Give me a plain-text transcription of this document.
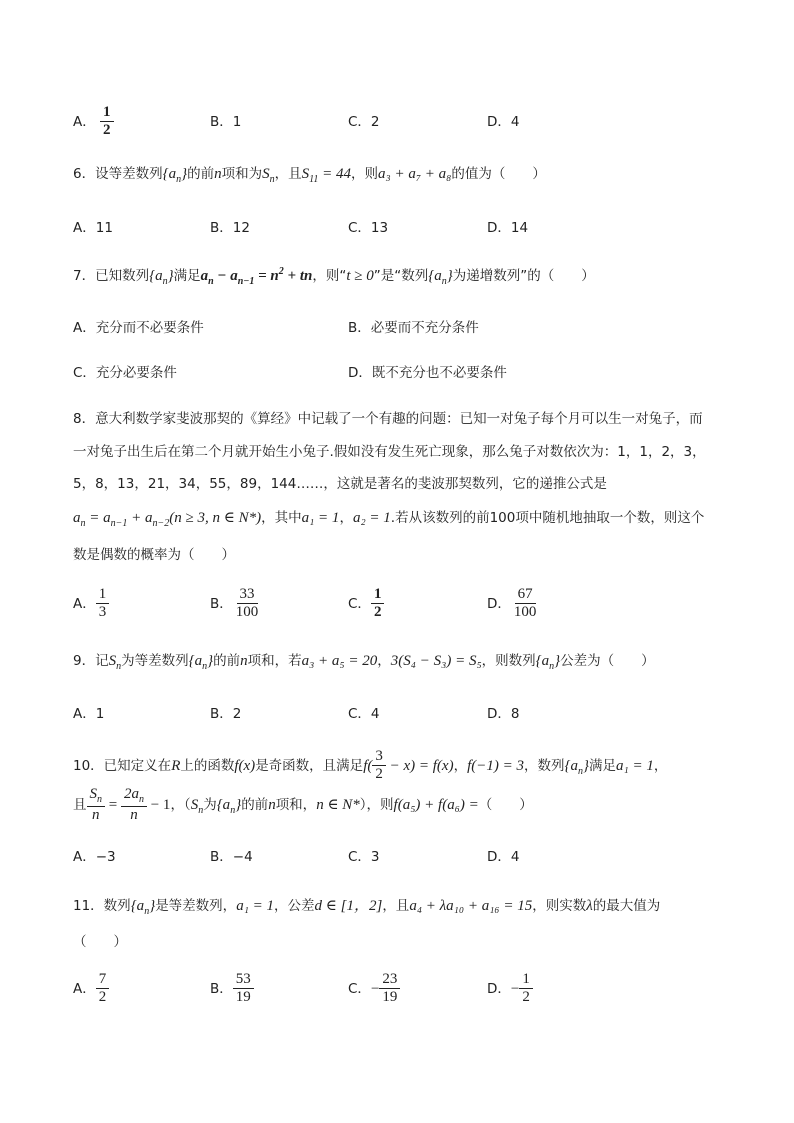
A． $\frac{1}{2}$	B．1	C．2	D．4
6．设等差数列$\{a_n\}$的前n项和为$S_n$，且$S_{11} = 44$，则a₃ + a₇ + a₈的值为（　　）
A．11	B．12	C．13	D．14
7．已知数列$\{a_n\}$满足$a_n - a_{n-1} = n^2$ + tn，则“t ≥ 0”是“数列$\{a_n\}$为递增数列”的（　　）
A．充分而不必要条件	B．必要而不充分条件
C．充分必要条件	D．既不充分也不必要条件
8．意大利数学家斐波那契的《算经》中记载了一个有趣的问题：已知一对兔子每个月可以生一对兔子，而
一对兔子出生后在第二个月就开始生小兔子.假如没有发生死亡现象，那么兔子对数依次为：1，1，2，3，
5，8，13，21，34，55，89，144……，这就是著名的斐波那契数列，它的递推公式是
$a_n = a_{n-1} + a_{n-2}(n \ge 3$, n ∈ N*)，其中a₁ = 1，a₂ = 1.若从该数列的前100项中随机地抽取一个数，则这个
数是偶数的概率为（　　）
A． $\frac{1}{3}$	B． $\frac{33}{100}$	C． $\frac{1}{2}$	D． $\frac{67}{100}$
9．记$S_n$为等差数列$\{a_n\}$的前n项和，若a₃ + a₅ = 20，3(S₄ − S₃) = S₅，则数列$\{a_n\}$公差为（　　）
A．1	B．2	C．4	D．8
10．已知定义在R上的函数f(x)是奇函数，且满足$f( \frac{3}{2} - x) = f(x)$，f(−1) = 3，数列$\{a_n\}$满足a₁ = 1，
且 $\frac{S_n}{n} = \frac{2a_n}{n} - 1$，（$S_n$为$\{a_n\}$的前n项和，n ∈ N*），则f(a₅) + f(a₆) =（　　）
A．−3	B．−4	C．3	D．4
11．数列$\{a_n\}$是等差数列，a₁ = 1，公差d ∈ [1，2]，且a₄ + λa₁₀ + a₁₆ = 15，则实数λ的最大值为
（　　）
A． $\frac{7}{2}$	B． $\frac{53}{19}$	C．− $\frac{23}{19}$	D．− $\frac{1}{2}$
